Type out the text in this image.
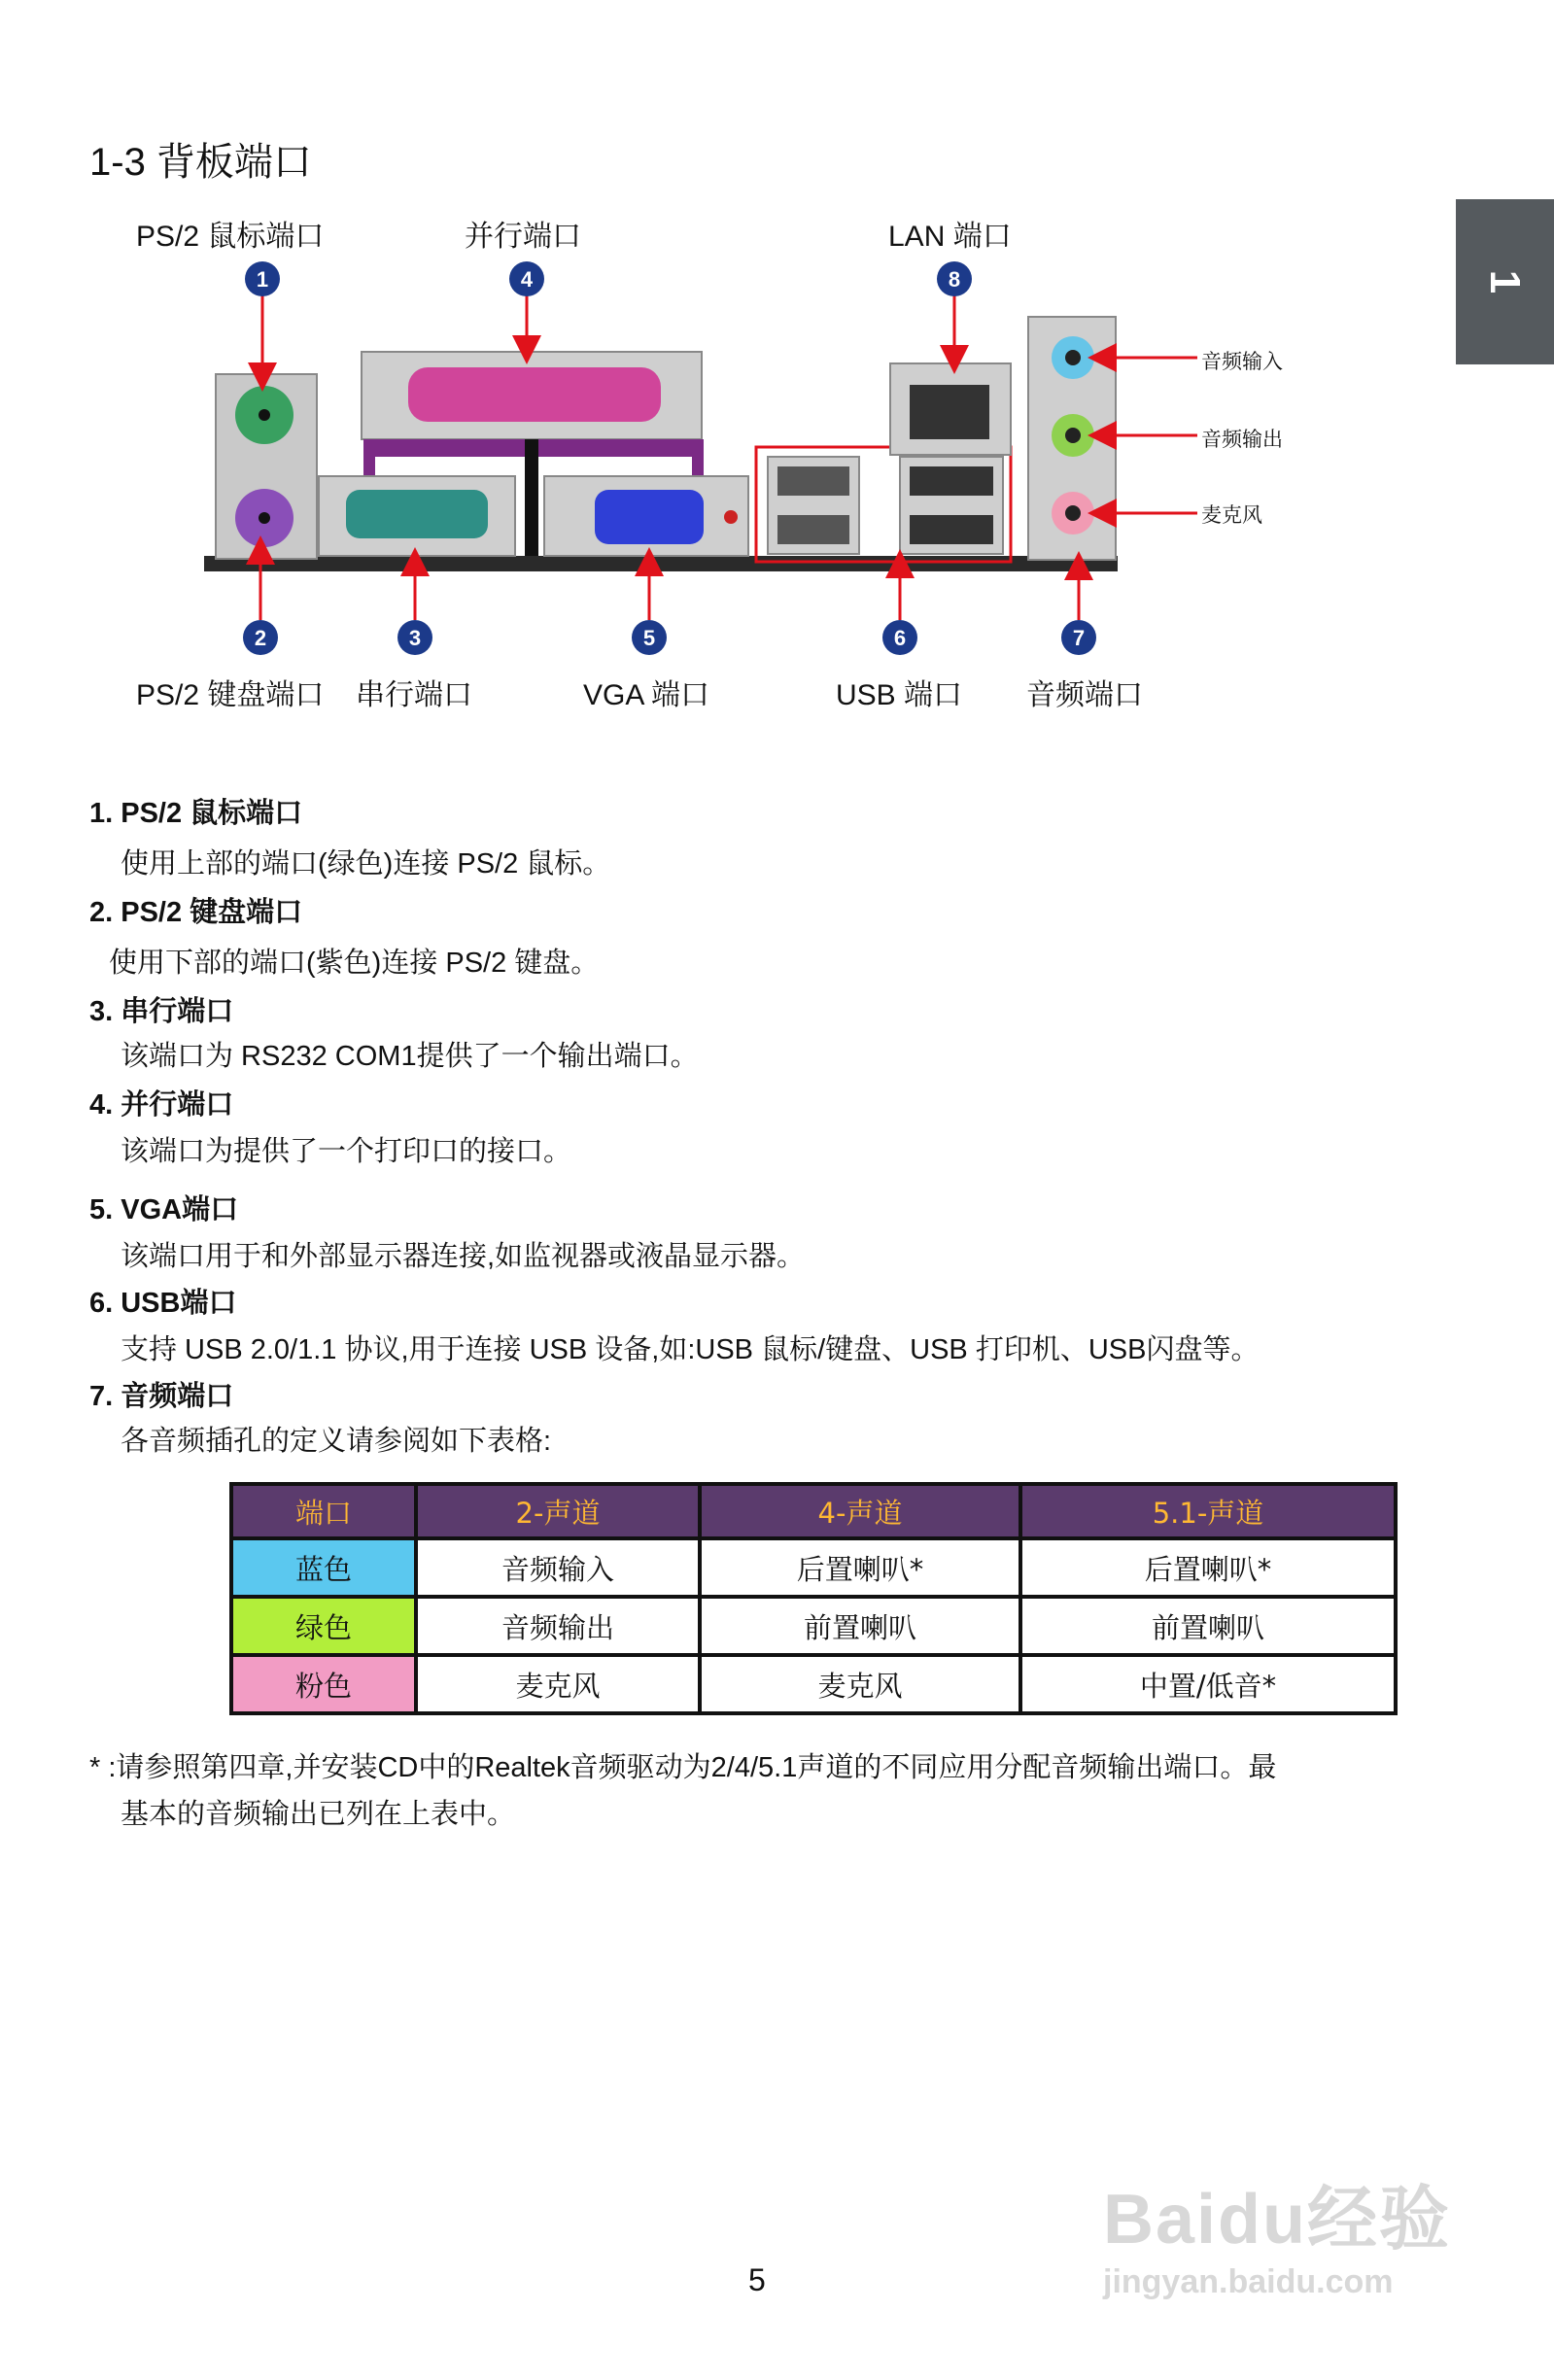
1
1-3 背板端口
1	4	8
2	3	5	6	7
PS/2 鼠标端口	并行端口	LAN 端口
PS/2 键盘端口 串行端口	VGA 端口	USB 端口 音频端口
音频输入
音频输出
麦克风
1. PS/2 鼠标端口
使用上部的端口(绿色)连接 PS/2 鼠标。
2. PS/2 键盘端口
使用下部的端口(紫色)连接 PS/2 键盘。
3. 串行端口
该端口为 RS232 COM1提供了一个输出端口。
4. 并行端口
该端口为提供了一个打印口的接口。
5. VGA端口
该端口用于和外部显示器连接,如监视器或液晶显示器。
6. USB端口
支持 USB 2.0/1.1 协议,用于连接 USB 设备,如:USB 鼠标/键盘、USB 打印机、USB闪盘等。
7. 音频端口
各音频插孔的定义请参阅如下表格:
端口	2-声道	4-声道	5.1-声道
蓝色	音频输入	后置喇叭*	后置喇叭*
绿色	音频输出	前置喇叭	前置喇叭
粉色	麦克风	麦克风	中置/低音*
* :请参照第四章,并安装CD中的Realtek音频驱动为2/4/5.1声道的不同应用分配音频输出端口。最
基本的音频输出已列在上表中。
5
Baidu经验
jingyan.baidu.com
